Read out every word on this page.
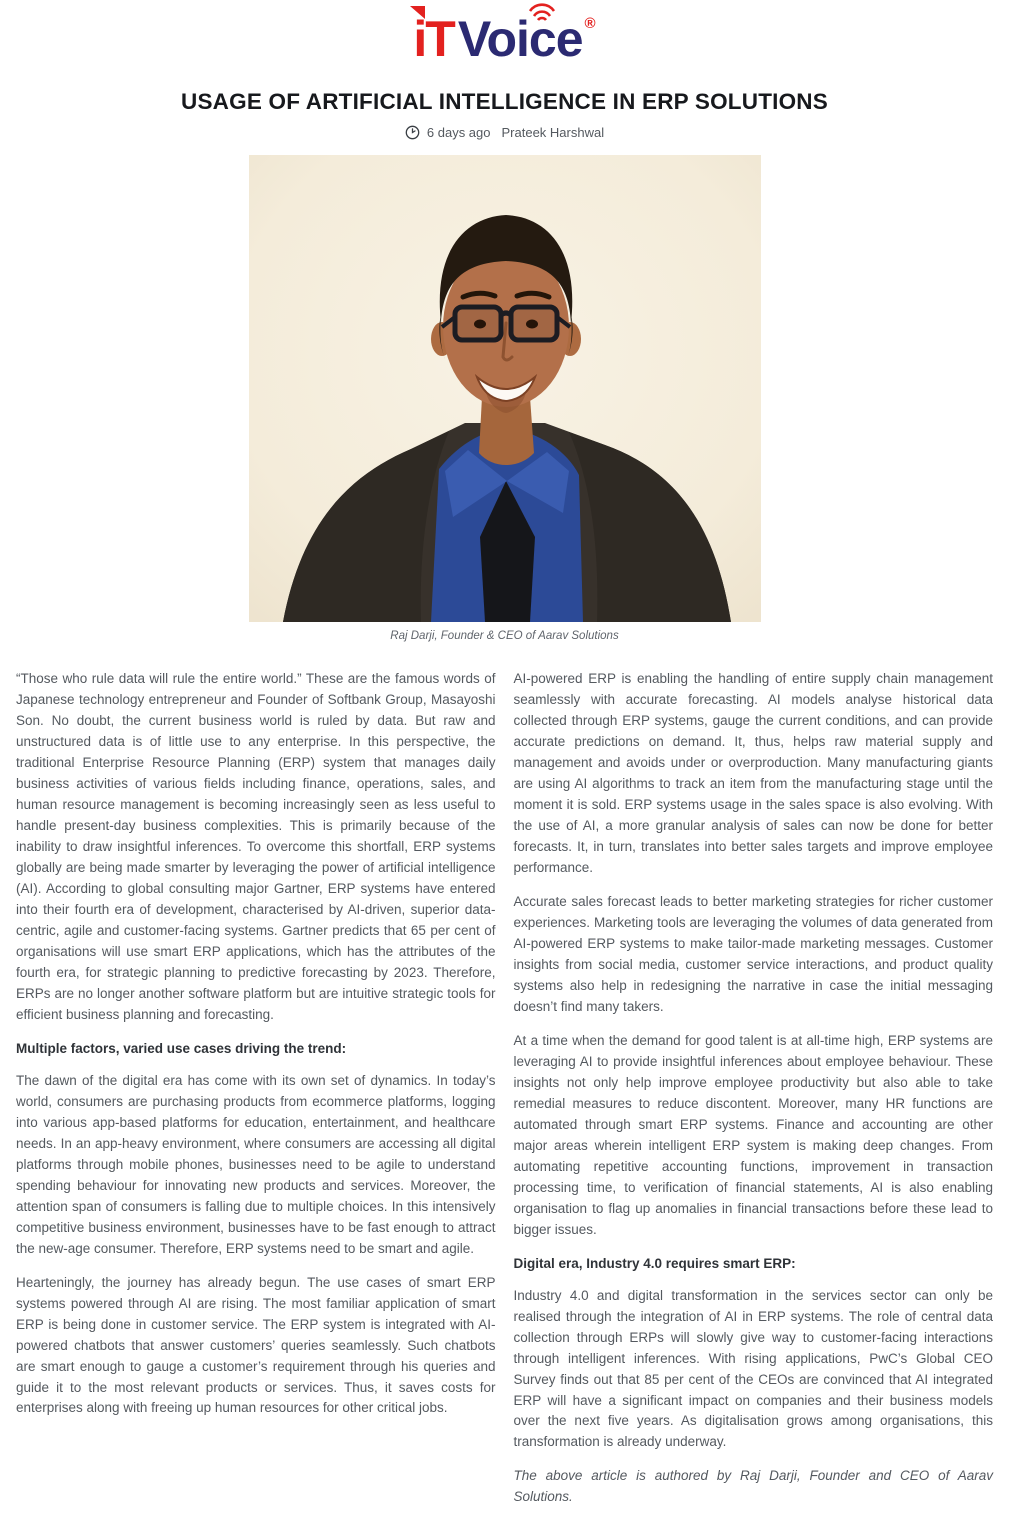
iT Voice ®
USAGE OF ARTIFICIAL INTELLIGENCE IN ERP SOLUTIONS
6 days ago Prateek Harshwal
Raj Darji, Founder & CEO of Aarav Solutions

“Those who rule data will rule the entire world.” These are the famous words of Japanese technology entrepreneur and Founder of Softbank Group, Masayoshi Son. No doubt, the current business world is ruled by data. But raw and unstructured data is of little use to any enterprise. In this perspective, the traditional Enterprise Resource Planning (ERP) system that manages daily business activities of various fields including finance, operations, sales, and human resource management is becoming increasingly seen as less useful to handle present-day business complexities. This is primarily because of the inability to draw insightful inferences. To overcome this shortfall, ERP systems globally are being made smarter by leveraging the power of artificial intelligence (AI). According to global consulting major Gartner, ERP systems have entered into their fourth era of development, characterised by AI-driven, superior data-centric, agile and customer-facing systems. Gartner predicts that 65 per cent of organisations will use smart ERP applications, which has the attributes of the fourth era, for strategic planning to predictive forecasting by 2023. Therefore, ERPs are no longer another software platform but are intuitive strategic tools for efficient business planning and forecasting.

Multiple factors, varied use cases driving the trend:

The dawn of the digital era has come with its own set of dynamics. In today’s world, consumers are purchasing products from ecommerce platforms, logging into various app-based platforms for education, entertainment, and healthcare needs. In an app-heavy environment, where consumers are accessing all digital platforms through mobile phones, businesses need to be agile to understand spending behaviour for innovating new products and services. Moreover, the attention span of consumers is falling due to multiple choices. In this intensively competitive business environment, businesses have to be fast enough to attract the new-age consumer. Therefore, ERP systems need to be smart and agile.

Hearteningly, the journey has already begun. The use cases of smart ERP systems powered through AI are rising. The most familiar application of smart ERP is being done in customer service. The ERP system is integrated with AI-powered chatbots that answer customers’ queries seamlessly. Such chatbots are smart enough to gauge a customer’s requirement through his queries and guide it to the most relevant products or services. Thus, it saves costs for enterprises along with freeing up human resources for other critical jobs.

AI-powered ERP is enabling the handling of entire supply chain management seamlessly with accurate forecasting. AI models analyse historical data collected through ERP systems, gauge the current conditions, and can provide accurate predictions on demand. It, thus, helps raw material supply and management and avoids under or overproduction. Many manufacturing giants are using AI algorithms to track an item from the manufacturing stage until the moment it is sold. ERP systems usage in the sales space is also evolving. With the use of AI, a more granular analysis of sales can now be done for better forecasts. It, in turn, translates into better sales targets and improve employee performance.

Accurate sales forecast leads to better marketing strategies for richer customer experiences. Marketing tools are leveraging the volumes of data generated from AI-powered ERP systems to make tailor-made marketing messages. Customer insights from social media, customer service interactions, and product quality systems also help in redesigning the narrative in case the initial messaging doesn’t find many takers.

At a time when the demand for good talent is at all-time high, ERP systems are leveraging AI to provide insightful inferences about employee behaviour. These insights not only help improve employee productivity but also able to take remedial measures to reduce discontent. Moreover, many HR functions are automated through smart ERP systems. Finance and accounting are other major areas wherein intelligent ERP system is making deep changes. From automating repetitive accounting functions, improvement in transaction processing time, to verification of financial statements, AI is also enabling organisation to flag up anomalies in financial transactions before these lead to bigger issues.

Digital era, Industry 4.0 requires smart ERP:

Industry 4.0 and digital transformation in the services sector can only be realised through the integration of AI in ERP systems. The role of central data collection through ERPs will slowly give way to customer-facing interactions through intelligent inferences. With rising applications, PwC’s Global CEO Survey finds out that 85 per cent of the CEOs are convinced that AI integrated ERP will have a significant impact on companies and their business models over the next five years. As digitalisation grows among organisations, this transformation is already underway.

The above article is authored by Raj Darji, Founder and CEO of Aarav Solutions.
